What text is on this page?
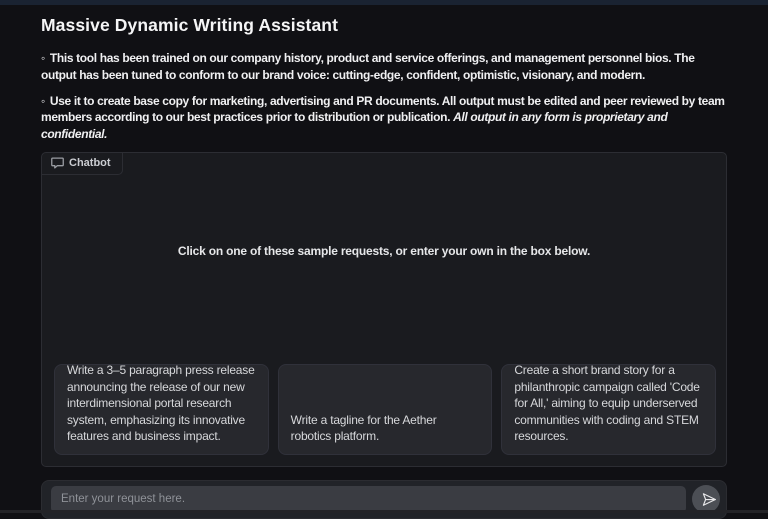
Massive Dynamic Writing Assistant

◦ This tool has been trained on our company history, product and service offerings, and management personnel bios. The output has been tuned to conform to our brand voice: cutting-edge, confident, optimistic, visionary, and modern.

◦ Use it to create base copy for marketing, advertising and PR documents. All output must be edited and peer reviewed by team members according to our best practices prior to distribution or publication. All output in any form is proprietary and confidential.

Chatbot
Click on one of these sample requests, or enter your own in the box below.
Write a 3–5 paragraph press release announcing the release of our new interdimensional portal research system, emphasizing its innovative features and business impact.
Write a tagline for the Aether robotics platform.
Create a short brand story for a philanthropic campaign called 'Code for All,' aiming to equip underserved communities with coding and STEM resources.
Enter your request here.
